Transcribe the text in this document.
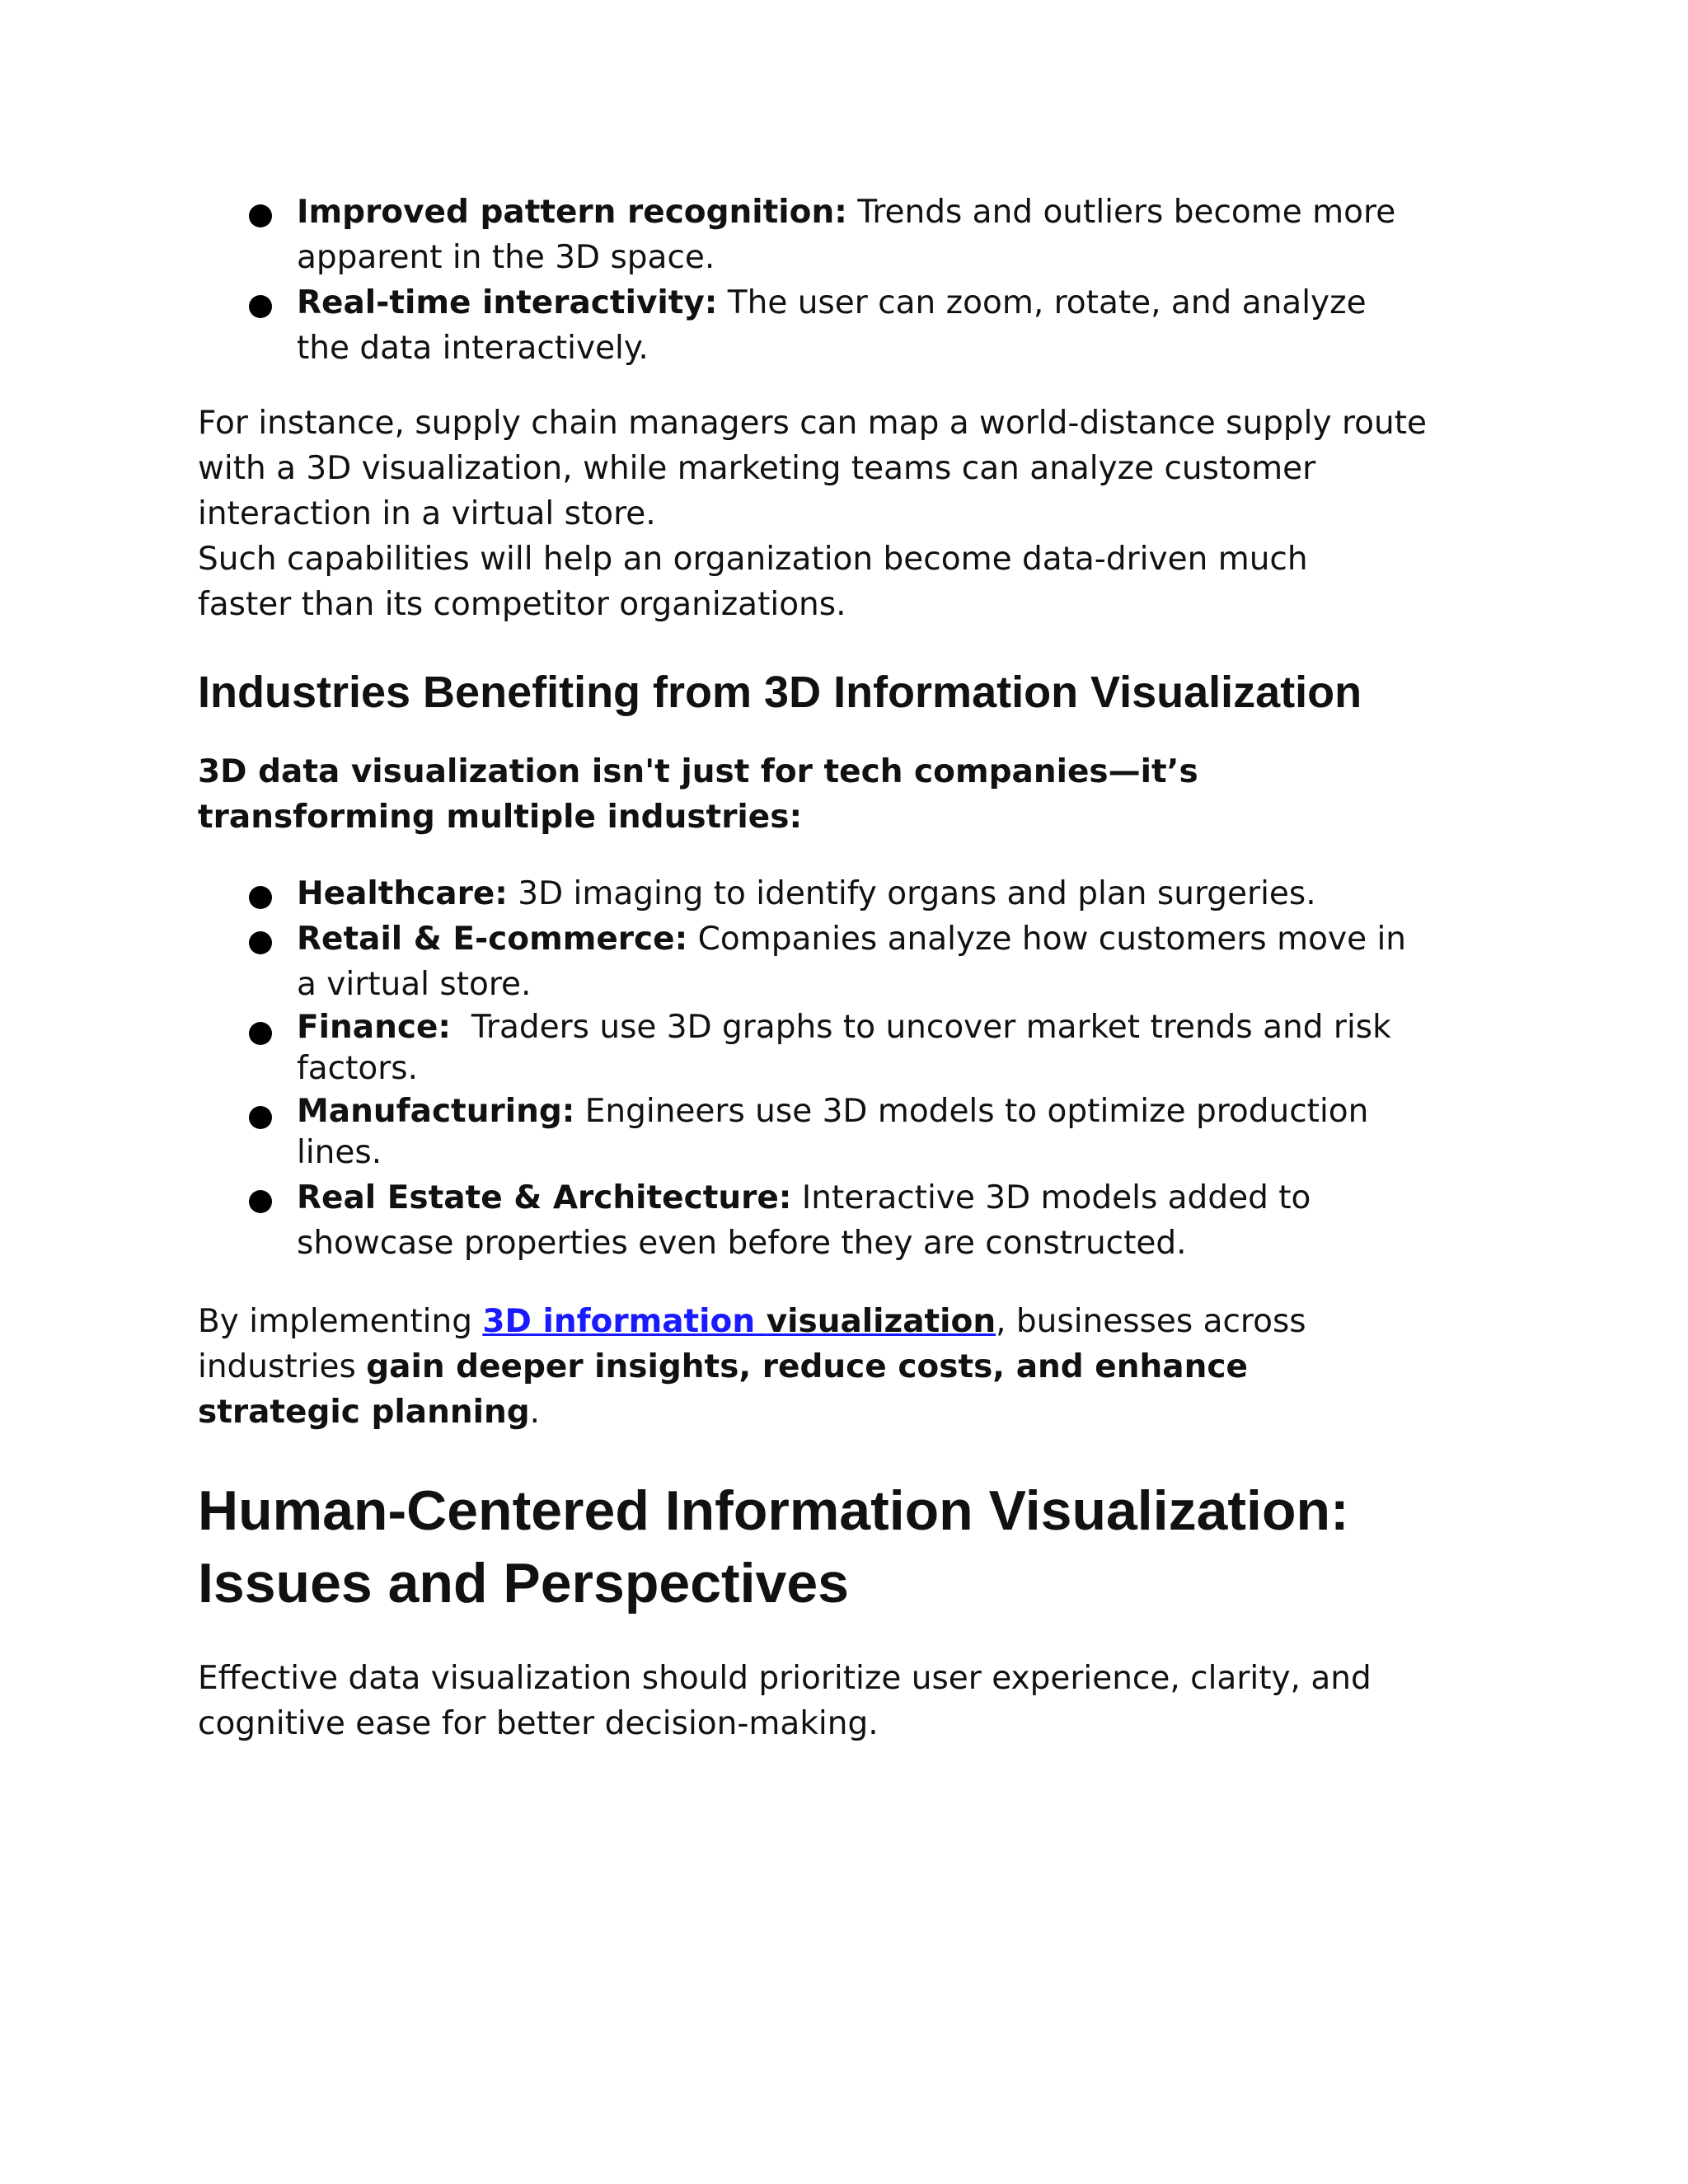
Improved pattern recognition: Trends and outliers become more apparent in the 3D space.
Real-time interactivity: The user can zoom, rotate, and analyze the data interactively.

For instance, supply chain managers can map a world-distance supply route with a 3D visualization, while marketing teams can analyze customer interaction in a virtual store.

Such capabilities will help an organization become data-driven much faster than its competitor organizations.

Industries Benefiting from 3D Information Visualization

3D data visualization isn't just for tech companies—it’s transforming multiple industries:

Healthcare: 3D imaging to identify organs and plan surgeries.
Retail & E-commerce: Companies analyze how customers move in a virtual store.
Finance:  Traders use 3D graphs to uncover market trends and risk factors.
Manufacturing: Engineers use 3D models to optimize production lines.
Real Estate & Architecture: Interactive 3D models added to showcase properties even before they are constructed.

By implementing 3D information visualization, businesses across industries gain deeper insights, reduce costs, and enhance strategic planning.

Human-Centered Information Visualization: Issues and Perspectives

Effective data visualization should prioritize user experience, clarity, and cognitive ease for better decision-making.
